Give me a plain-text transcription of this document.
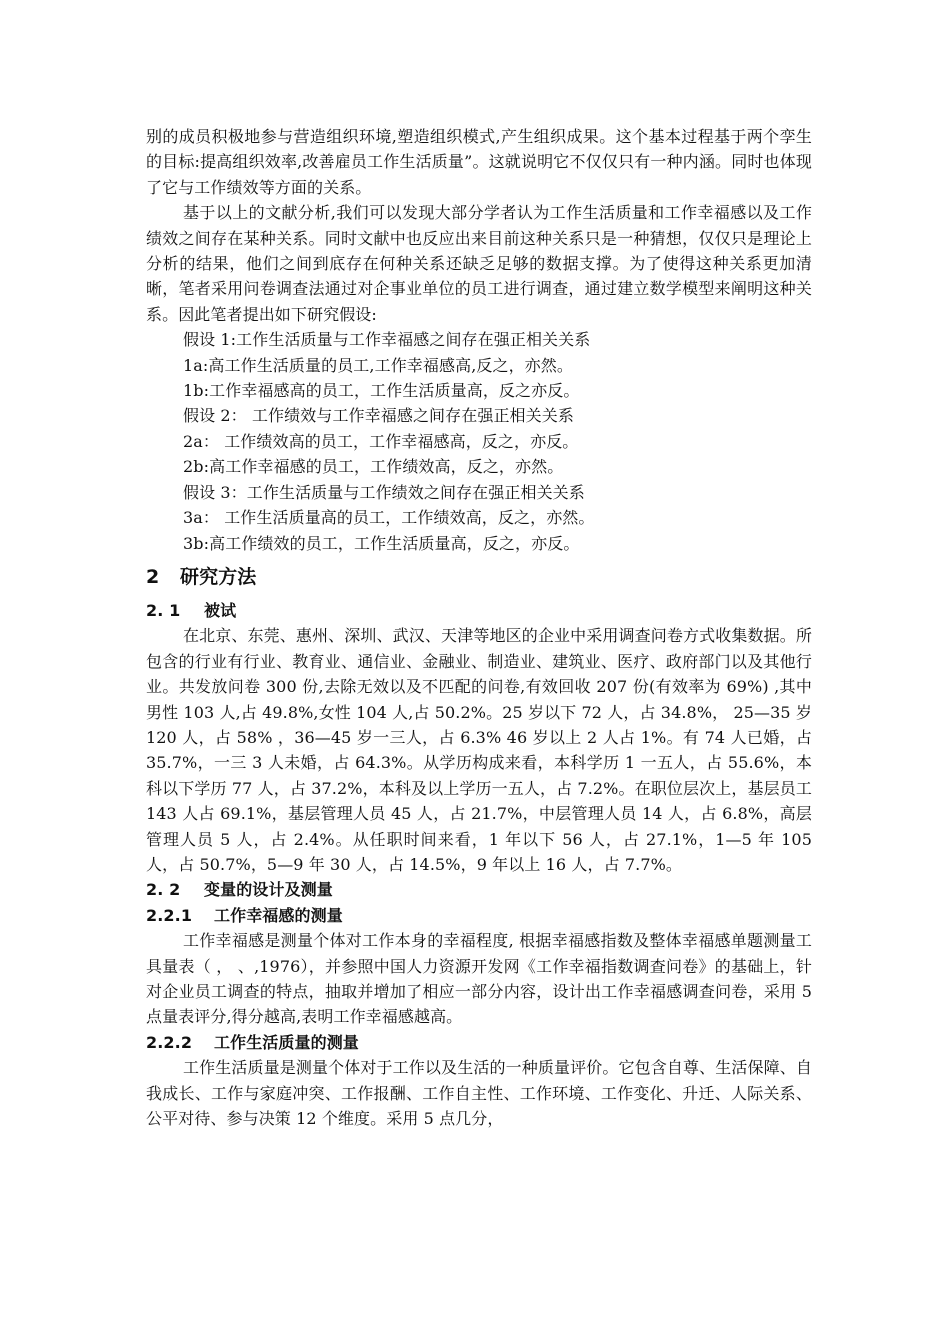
别的成员积极地参与营造组织环境,塑造组织模式,产生组织成果。这个基本过程基于两个孪生的目标:提高组织效率,改善雇员工作生活质量”。这就说明它不仅仅只有一种内涵。同时也体现了它与工作绩效等方面的关系。

基于以上的文献分析,我们可以发现大部分学者认为工作生活质量和工作幸福感以及工作绩效之间存在某种关系。同时文献中也反应出来目前这种关系只是一种猜想，仅仅只是理论上分析的结果，他们之间到底存在何种关系还缺乏足够的数据支撑。为了使得这种关系更加清晰，笔者采用问卷调查法通过对企事业单位的员工进行调查，通过建立数学模型来阐明这种关系。因此笔者提出如下研究假设:

假设 1:工作生活质量与工作幸福感之间存在强正相关关系

1a:高工作生活质量的员工,工作幸福感高,反之，亦然。

1b:工作幸福感高的员工，工作生活质量高，反之亦反。

假设 2： 工作绩效与工作幸福感之间存在强正相关关系

2a： 工作绩效高的员工，工作幸福感高，反之，亦反。

2b:高工作幸福感的员工，工作绩效高，反之，亦然。

假设 3：工作生活质量与工作绩效之间存在强正相关关系

3a： 工作生活质量高的员工，工作绩效高，反之，亦然。

3b:高工作绩效的员工，工作生活质量高，反之，亦反。

2 研究方法
2. 1 被试

在北京、东莞、惠州、深圳、武汉、天津等地区的企业中采用调查问卷方式收集数据。所包含的行业有行业、教育业、通信业、金融业、制造业、建筑业、医疗、政府部门以及其他行业。共发放问卷 300 份,去除无效以及不匹配的问卷,有效回收 207 份(有效率为 69%) ,其中男性 103 人,占 49.8%,女性 104 人,占 50.2%。25 岁以下 72 人，占 34.8%， 25—35 岁 120 人，占 58% ，36—45 岁一三人，占 6.3% 46 岁以上 2 人占 1%。有 74 人已婚，占 35.7%，一三 3 人未婚，占 64.3%。从学历构成来看，本科学历 1 一五人，占 55.6%，本科以下学历 77 人，占 37.2%，本科及以上学历一五人，占 7.2%。在职位层次上，基层员工 143 人占 69.1%，基层管理人员 45 人，占 21.7%，中层管理人员 14 人，占 6.8%，高层管理人员 5 人，占 2.4%。从任职时间来看，1 年以下 56 人，占 27.1%，1—5 年 105 人，占 50.7%，5—9 年 30 人，占 14.5%，9 年以上 16 人，占 7.7%。

2. 2 变量的设计及测量
2.2.1 工作幸福感的测量

工作幸福感是测量个体对工作本身的幸福程度, 根据幸福感指数及整体幸福感单题测量工具量表（ ， 、,1976），并参照中国人力资源开发网《工作幸福指数调查问卷》的基础上，针对企业员工调查的特点，抽取并增加了相应一部分内容，设计出工作幸福感调查问卷，采用 5 点量表评分,得分越高,表明工作幸福感越高。

2.2.2 工作生活质量的测量

工作生活质量是测量个体对于工作以及生活的一种质量评价。它包含自尊、生活保障、自我成长、工作与家庭冲突、工作报酬、工作自主性、工作环境、工作变化、升迁、人际关系、公平对待、参与决策 12 个维度。采用 5 点几分，
